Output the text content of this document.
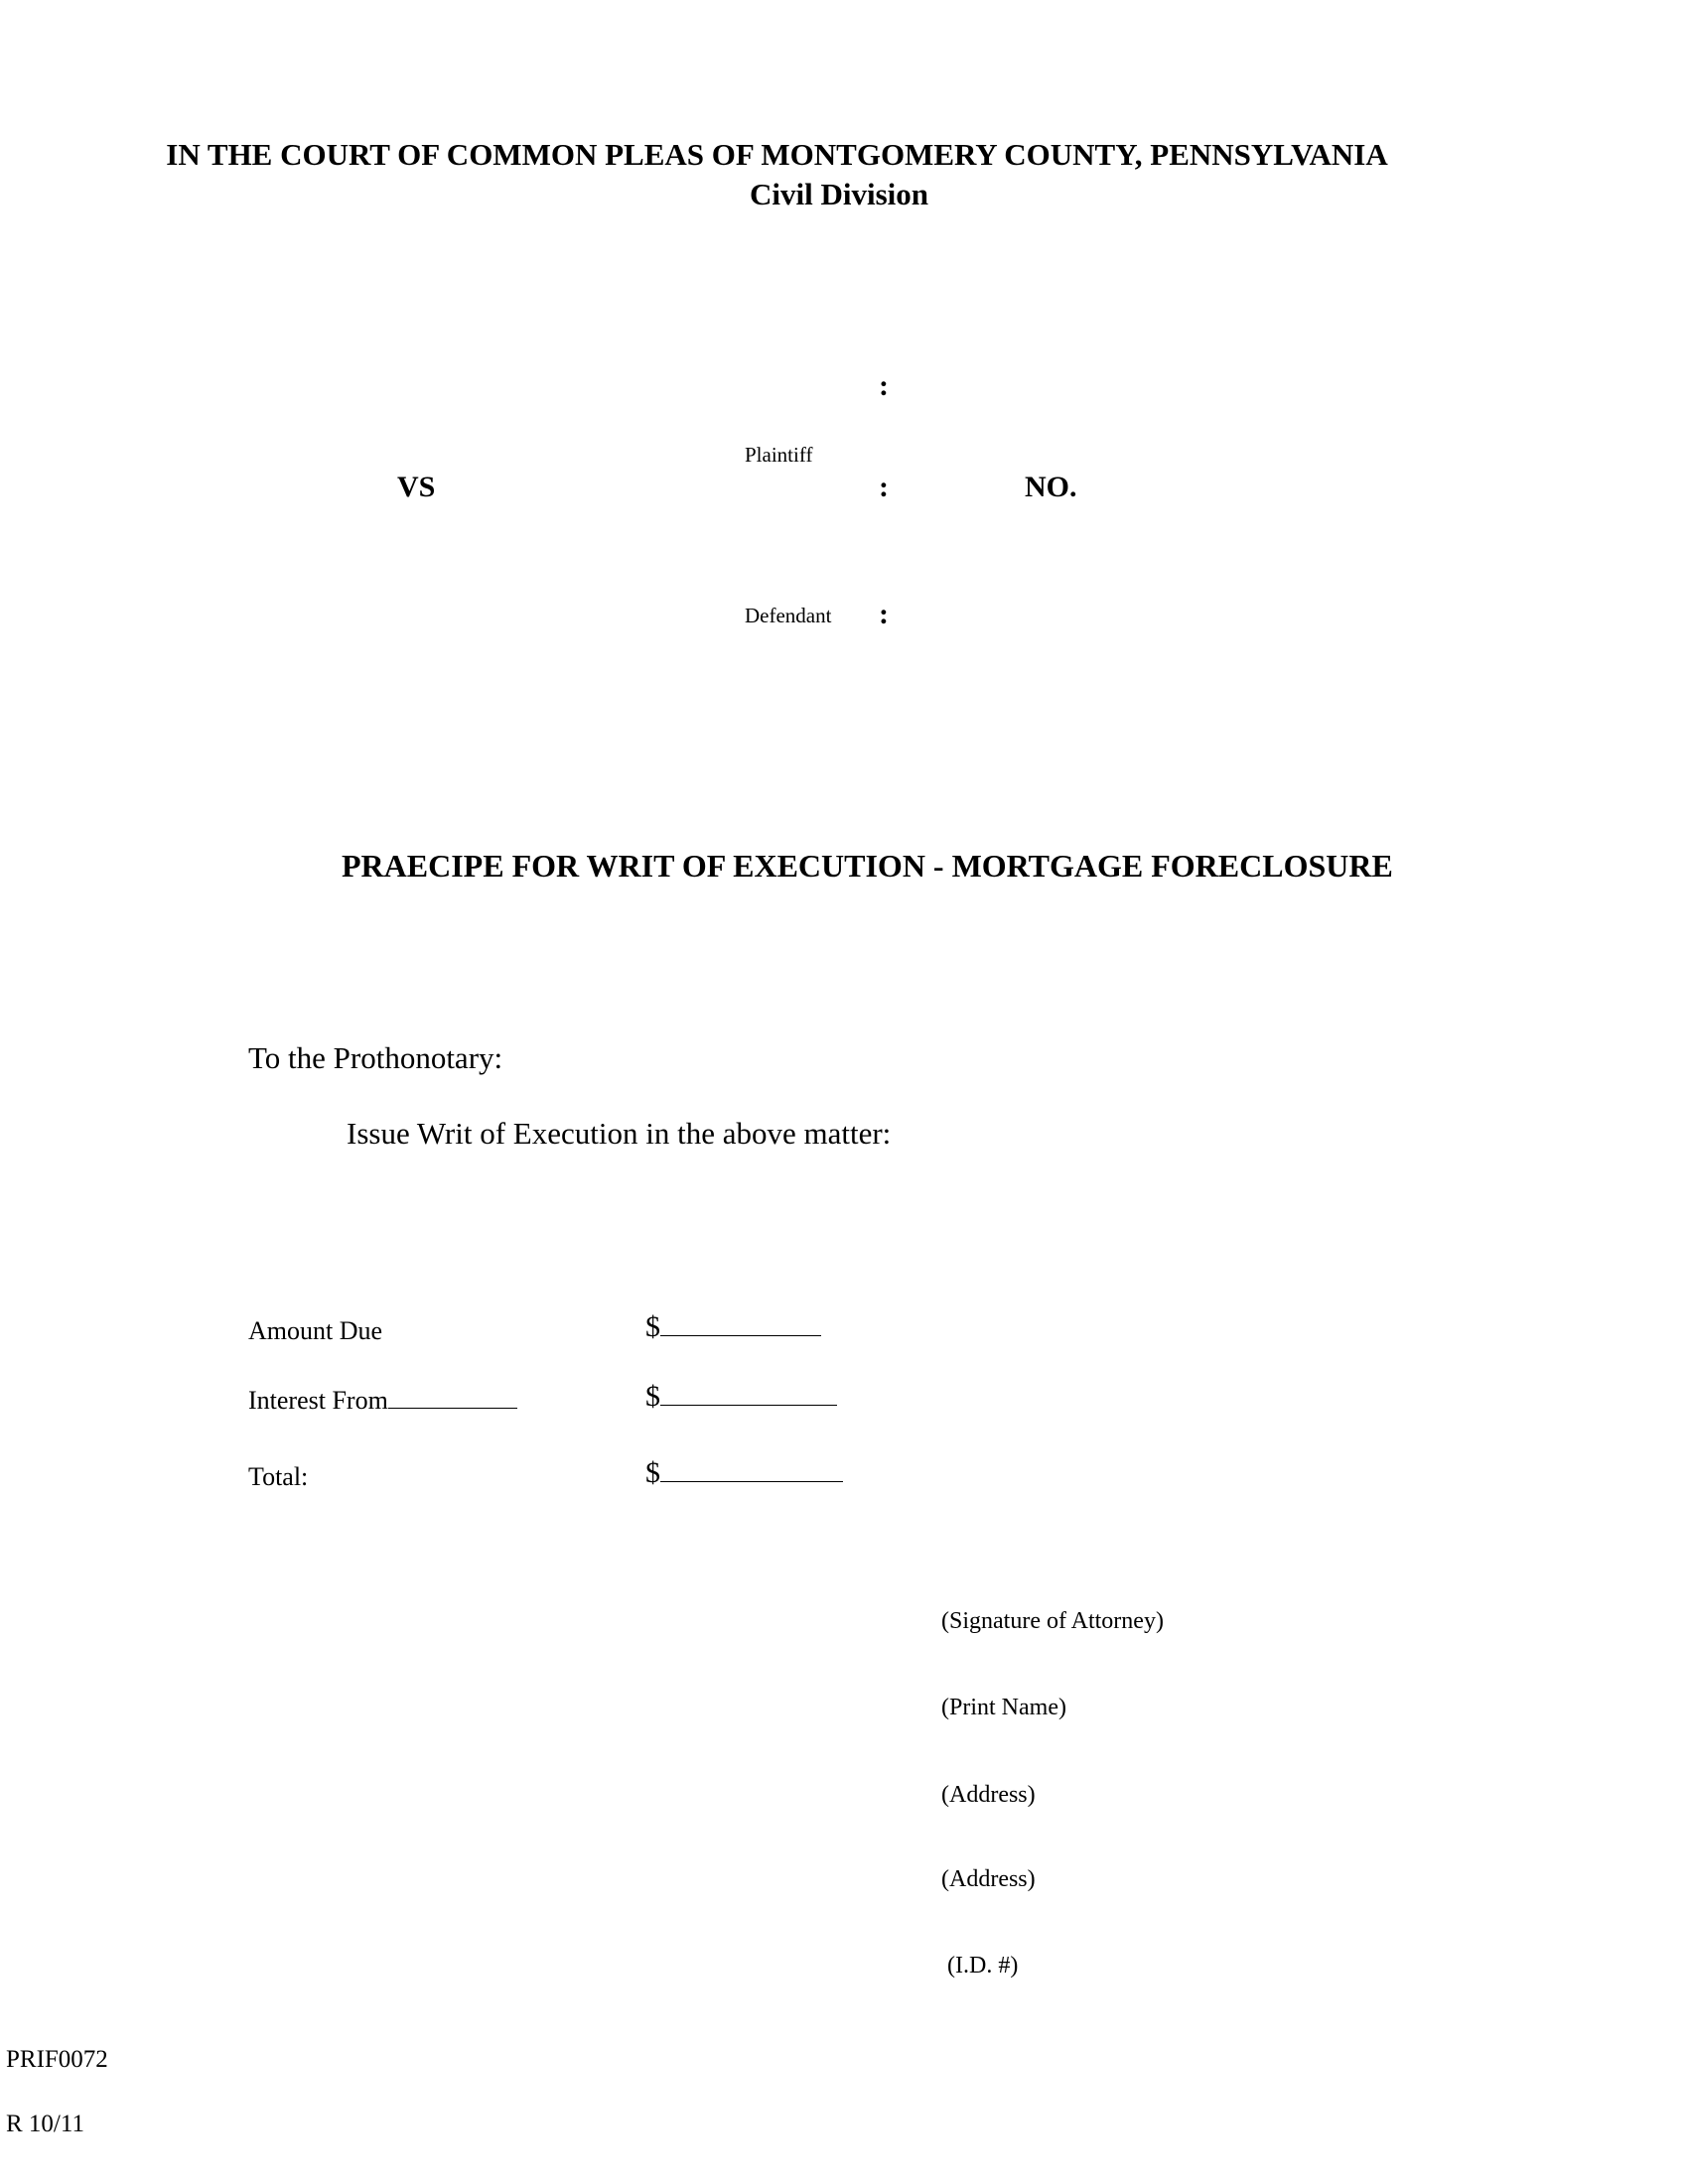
IN THE COURT OF COMMON PLEAS OF MONTGOMERY COUNTY, PENNSYLVANIA
Civil Division
:
Plaintiff
VS	:	NO.
Defendant :
PRAECIPE FOR WRIT OF EXECUTION - MORTGAGE FORECLOSURE
To the Prothonotary:
Issue Writ of Execution in the above matter:
Amount Due	$
Interest From	$
Total:	$
(Signature of Attorney)
(Print Name)
(Address)
(Address)
(I.D. #)
PRIF0072
R 10/11
